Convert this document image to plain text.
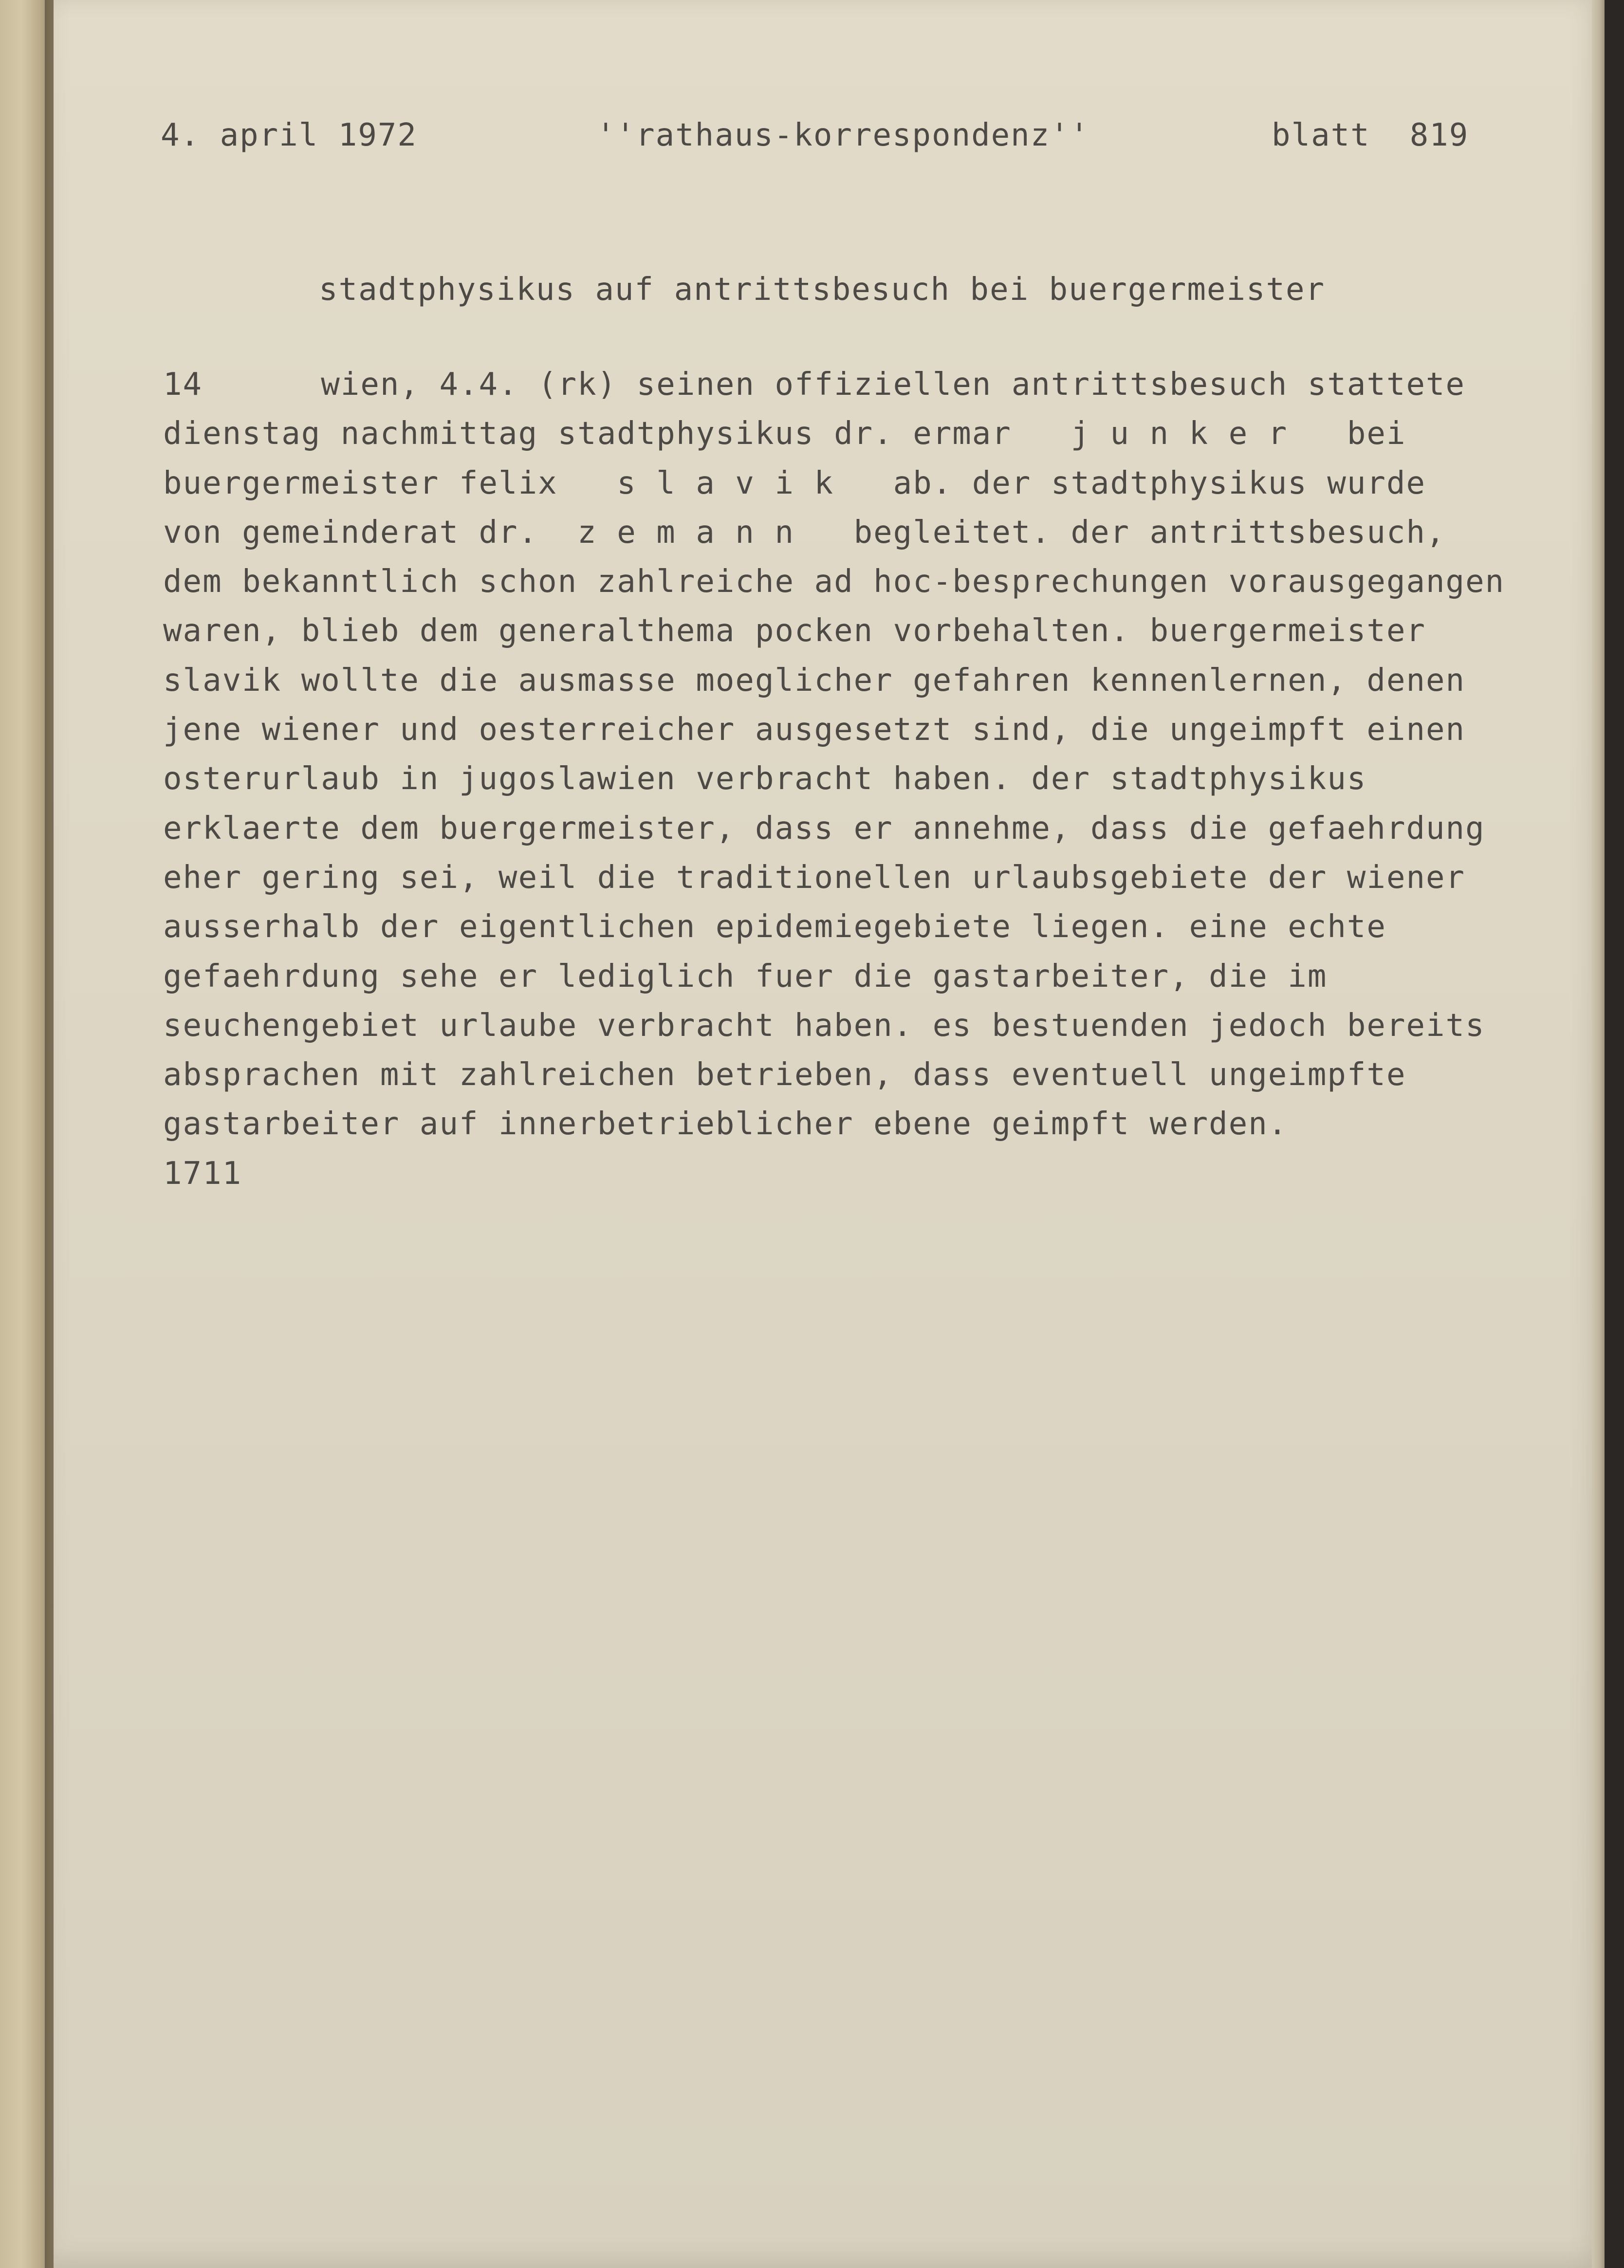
4. april 1972	''rathaus-korrespondenz''	blatt  819
stadtphysikus auf antrittsbesuch bei buergermeister
14      wien, 4.4. (rk) seinen offiziellen antrittsbesuch stattete
dienstag nachmittag stadtphysikus dr. ermar   j u n k e r   bei
buergermeister felix   s l a v i k   ab. der stadtphysikus wurde
von gemeinderat dr.  z e m a n n   begleitet. der antrittsbesuch,
dem bekanntlich schon zahlreiche ad hoc-besprechungen vorausgegangen
waren, blieb dem generalthema pocken vorbehalten. buergermeister
slavik wollte die ausmasse moeglicher gefahren kennenlernen, denen
jene wiener und oesterreicher ausgesetzt sind, die ungeimpft einen
osterurlaub in jugoslawien verbracht haben. der stadtphysikus
erklaerte dem buergermeister, dass er annehme, dass die gefaehrdung
eher gering sei, weil die traditionellen urlaubsgebiete der wiener
ausserhalb der eigentlichen epidemiegebiete liegen. eine echte
gefaehrdung sehe er lediglich fuer die gastarbeiter, die im
seuchengebiet urlaube verbracht haben. es bestuenden jedoch bereits
absprachen mit zahlreichen betrieben, dass eventuell ungeimpfte
gastarbeiter auf innerbetrieblicher ebene geimpft werden.
1711
